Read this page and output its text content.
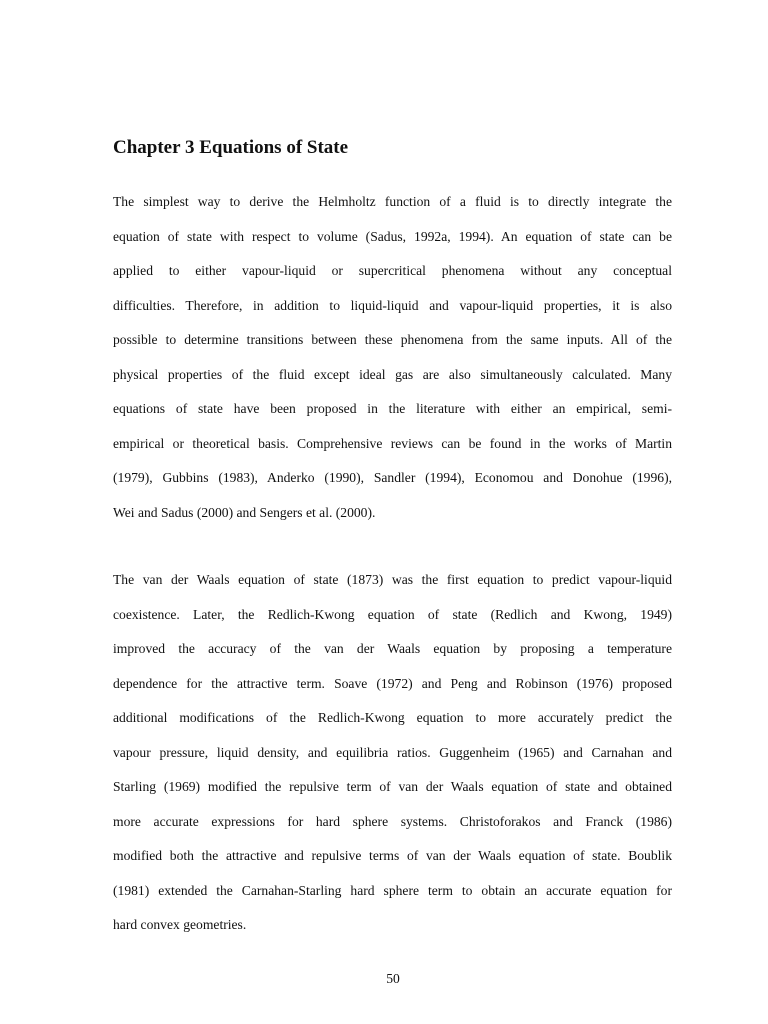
Chapter 3 Equations of State
The simplest way to derive the Helmholtz function of a fluid is to directly integrate the
equation of state with respect to volume (Sadus, 1992a, 1994). An equation of state can be
applied to either vapour-liquid or supercritical phenomena without any conceptual
difficulties. Therefore, in addition to liquid-liquid and vapour-liquid properties, it is also
possible to determine transitions between these phenomena from the same inputs. All of the
physical properties of the fluid except ideal gas are also simultaneously calculated. Many
equations of state have been proposed in the literature with either an empirical, semi-
empirical or theoretical basis. Comprehensive reviews can be found in the works of Martin
(1979), Gubbins (1983), Anderko (1990), Sandler (1994), Economou and Donohue (1996),
Wei and Sadus (2000) and Sengers et al. (2000).
The van der Waals equation of state (1873) was the first equation to predict vapour-liquid
coexistence. Later, the Redlich-Kwong equation of state (Redlich and Kwong, 1949)
improved the accuracy of the van der Waals equation by proposing a temperature
dependence for the attractive term. Soave (1972) and Peng and Robinson (1976) proposed
additional modifications of the Redlich-Kwong equation to more accurately predict the
vapour pressure, liquid density, and equilibria ratios. Guggenheim (1965) and Carnahan and
Starling (1969) modified the repulsive term of van der Waals equation of state and obtained
more accurate expressions for hard sphere systems. Christoforakos and Franck (1986)
modified both the attractive and repulsive terms of van der Waals equation of state. Boublik
(1981) extended the Carnahan-Starling hard sphere term to obtain an accurate equation for
hard convex geometries.
50
